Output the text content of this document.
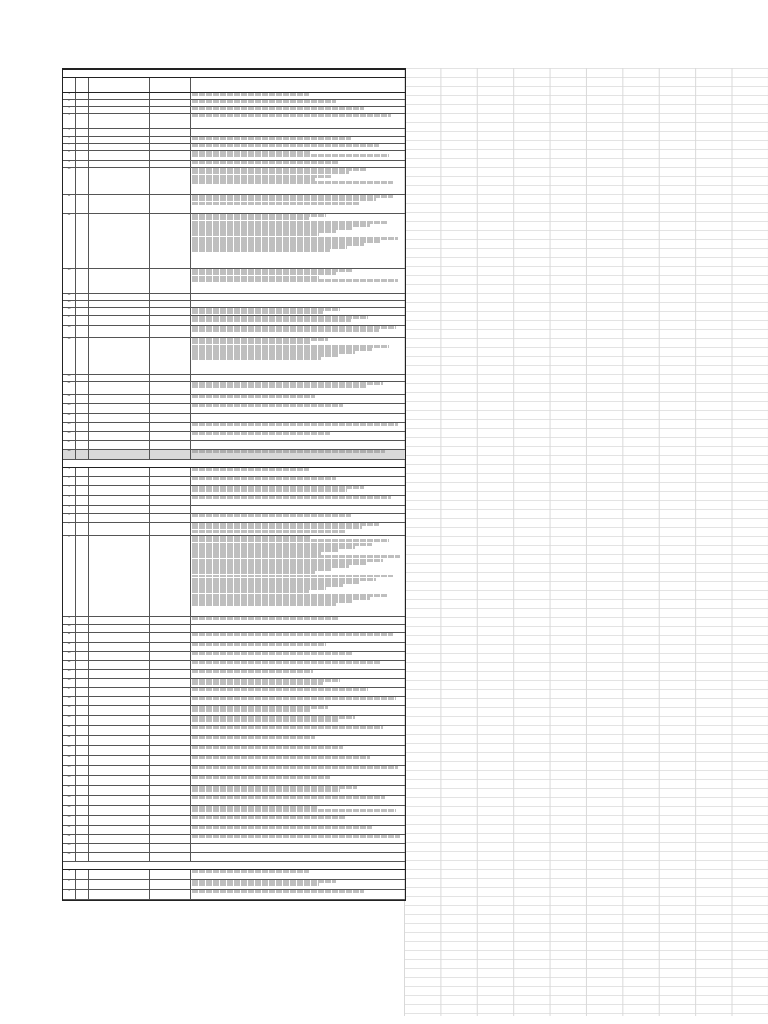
1
2
3
4
5
6
7
8
9
10
11
12
13
14
15
16
17
18
19
20
21
22
23
24
25
26
27
28
1
2
3
4
5
6
7
8
9
10
11
12
13
14
15
16
17
18
19
20
21
22
23
24
25
26
27
28
29
30
31
32
33
34
1
2
3
